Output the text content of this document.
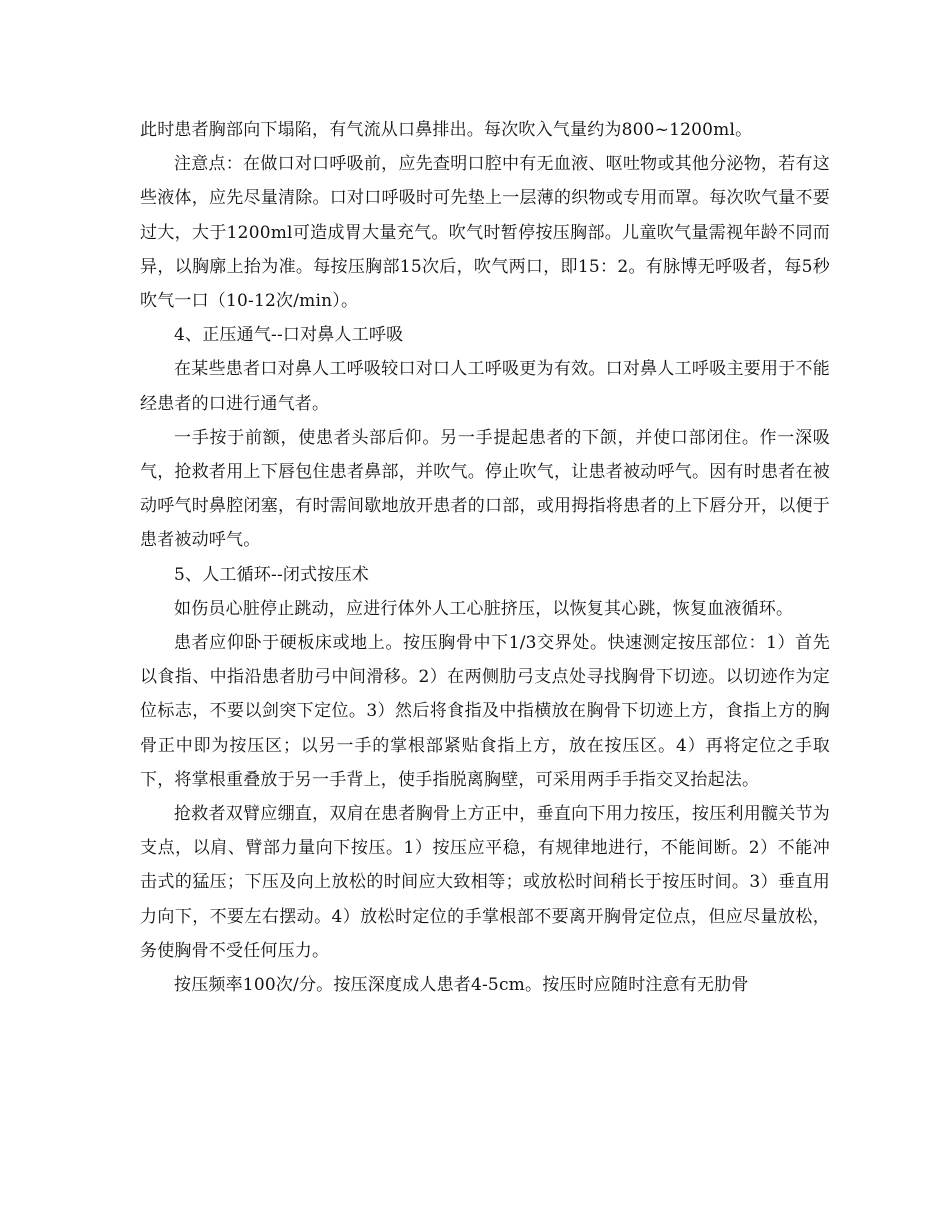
此时患者胸部向下塌陷，有气流从口鼻排出。每次吹入气量约为800~1200ml。

注意点：在做口对口呼吸前，应先查明口腔中有无血液、呕吐物或其他分泌物，若有这些液体，应先尽量清除。口对口呼吸时可先垫上一层薄的织物或专用而罩。每次吹气量不要过大，大于1200ml可造成胃大量充气。吹气时暂停按压胸部。儿童吹气量需视年龄不同而异，以胸廓上抬为准。每按压胸部15次后，吹气两口，即15：2。有脉博无呼吸者，每5秒吹气一口（10-12次/min）。

4、正压通气--口对鼻人工呼吸

在某些患者口对鼻人工呼吸较口对口人工呼吸更为有效。口对鼻人工呼吸主要用于不能经患者的口进行通气者。

一手按于前额，使患者头部后仰。另一手提起患者的下颌，并使口部闭住。作一深吸气，抢救者用上下唇包住患者鼻部，并吹气。停止吹气，让患者被动呼气。因有时患者在被动呼气时鼻腔闭塞，有时需间歇地放开患者的口部，或用拇指将患者的上下唇分开，以便于患者被动呼气。

5、人工循环--闭式按压术

如伤员心脏停止跳动，应进行体外人工心脏挤压，以恢复其心跳，恢复血液循环。

患者应仰卧于硬板床或地上。按压胸骨中下1/3交界处。快速测定按压部位：1）首先以食指、中指沿患者肋弓中间滑移。2）在两侧肋弓支点处寻找胸骨下切迹。以切迹作为定位标志，不要以剑突下定位。3）然后将食指及中指横放在胸骨下切迹上方，食指上方的胸骨正中即为按压区；以另一手的掌根部紧贴食指上方，放在按压区。4）再将定位之手取下，将掌根重叠放于另一手背上，使手指脱离胸壁，可采用两手手指交叉抬起法。

抢救者双臂应绷直，双肩在患者胸骨上方正中，垂直向下用力按压，按压利用髋关节为支点，以肩、臂部力量向下按压。1）按压应平稳，有规律地进行，不能间断。2）不能冲击式的猛压；下压及向上放松的时间应大致相等；或放松时间稍长于按压时间。3）垂直用力向下，不要左右摆动。4）放松时定位的手掌根部不要离开胸骨定位点，但应尽量放松，务使胸骨不受任何压力。

按压频率100次/分。按压深度成人患者4-5cm。按压时应随时注意有无肋骨
